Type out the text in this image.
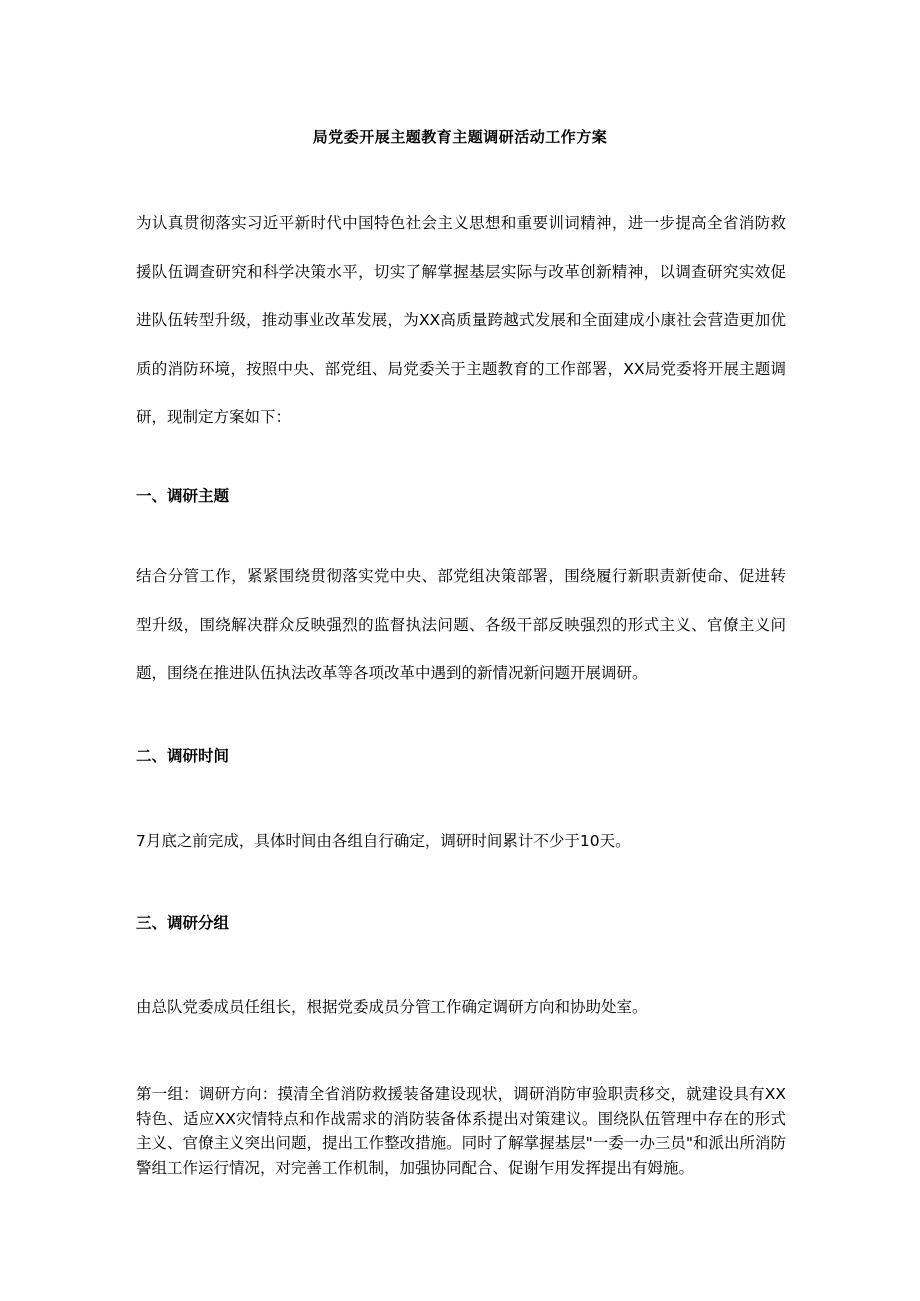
局党委开展主题教育主题调研活动工作方案

为认真贯彻落实习近平新时代中国特色社会主义思想和重要训词精神，进一步提高全省消防救援队伍调查研究和科学决策水平，切实了解掌握基层实际与改革创新精神，以调查研究实效促进队伍转型升级，推动事业改革发展，为XX高质量跨越式发展和全面建成小康社会营造更加优质的消防环境，按照中央、部党组、局党委关于主题教育的工作部署，XX局党委将开展主题调研，现制定方案如下：

一、调研主题

结合分管工作，紧紧围绕贯彻落实党中央、部党组决策部署，围绕履行新职责新使命、促进转型升级，围绕解决群众反映强烈的监督执法问题、各级干部反映强烈的形式主义、官僚主义问题，围绕在推进队伍执法改革等各项改革中遇到的新情况新问题开展调研。

二、调研时间

7月底之前完成，具体时间由各组自行确定，调研时间累计不少于10天。

三、调研分组

由总队党委成员任组长，根据党委成员分管工作确定调研方向和协助处室。

第一组：调研方向：摸清全省消防救援装备建设现状，调研消防审验职责移交，就建设具有XX特色、适应XX灾情特点和作战需求的消防装备体系提出对策建议。围绕队伍管理中存在的形式主义、官僚主义突出问题，提出工作整改措施。同时了解掌握基层"一委一办三员"和派出所消防警组工作运行情况，对完善工作机制，加强协同配合、促谢乍用发挥提出有姆施。
